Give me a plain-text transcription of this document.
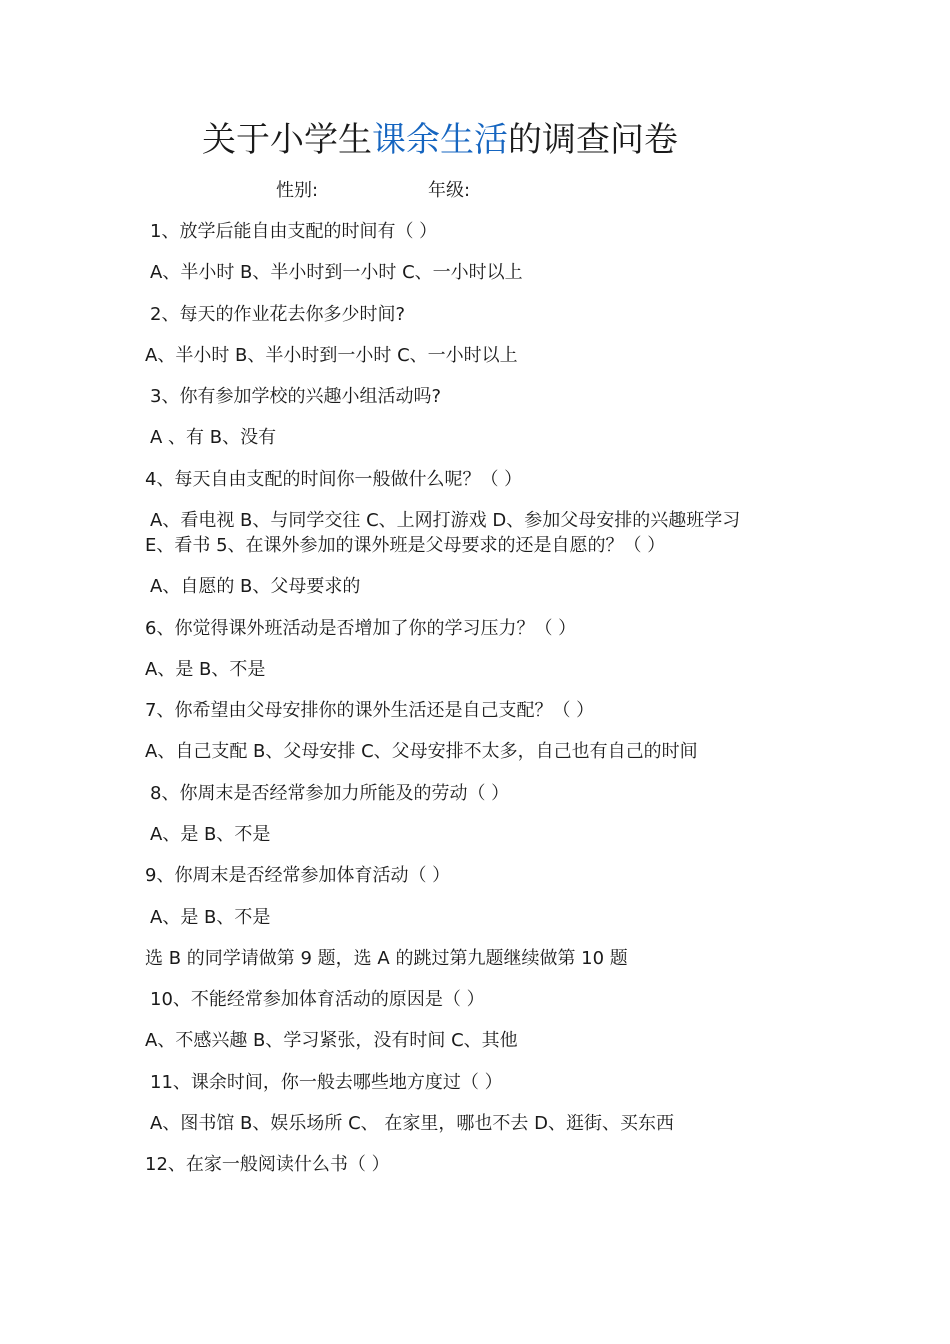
关于小学生课余生活的调查问卷
性别:	年级:
1、放学后能自由支配的时间有（ ）
A、半小时 B、半小时到一小时 C、一小时以上
2、每天的作业花去你多少时间?
A、半小时 B、半小时到一小时 C、一小时以上
3、你有参加学校的兴趣小组活动吗?
A 、有 B、没有
4、每天自由支配的时间你一般做什么呢？（ ）
A、看电视 B、与同学交往 C、上网打游戏 D、参加父母安排的兴趣班学习
E、看书 5、在课外参加的课外班是父母要求的还是自愿的？（ ）
A、自愿的 B、父母要求的
6、你觉得课外班活动是否增加了你的学习压力？（ ）
A、是 B、不是
7、你希望由父母安排你的课外生活还是自己支配？（ ）
A、自己支配 B、父母安排 C、父母安排不太多，自己也有自己的时间
8、你周末是否经常参加力所能及的劳动（ ）
A、是 B、不是
9、你周末是否经常参加体育活动（ ）
A、是 B、不是
选 B 的同学请做第 9 题，选 A 的跳过第九题继续做第 10 题
10、不能经常参加体育活动的原因是（ ）
A、不感兴趣 B、学习紧张，没有时间 C、其他
11、课余时间，你一般去哪些地方度过（ ）
A、图书馆 B、娱乐场所 C、 在家里，哪也不去 D、逛街、买东西
12、在家一般阅读什么书（ ）
